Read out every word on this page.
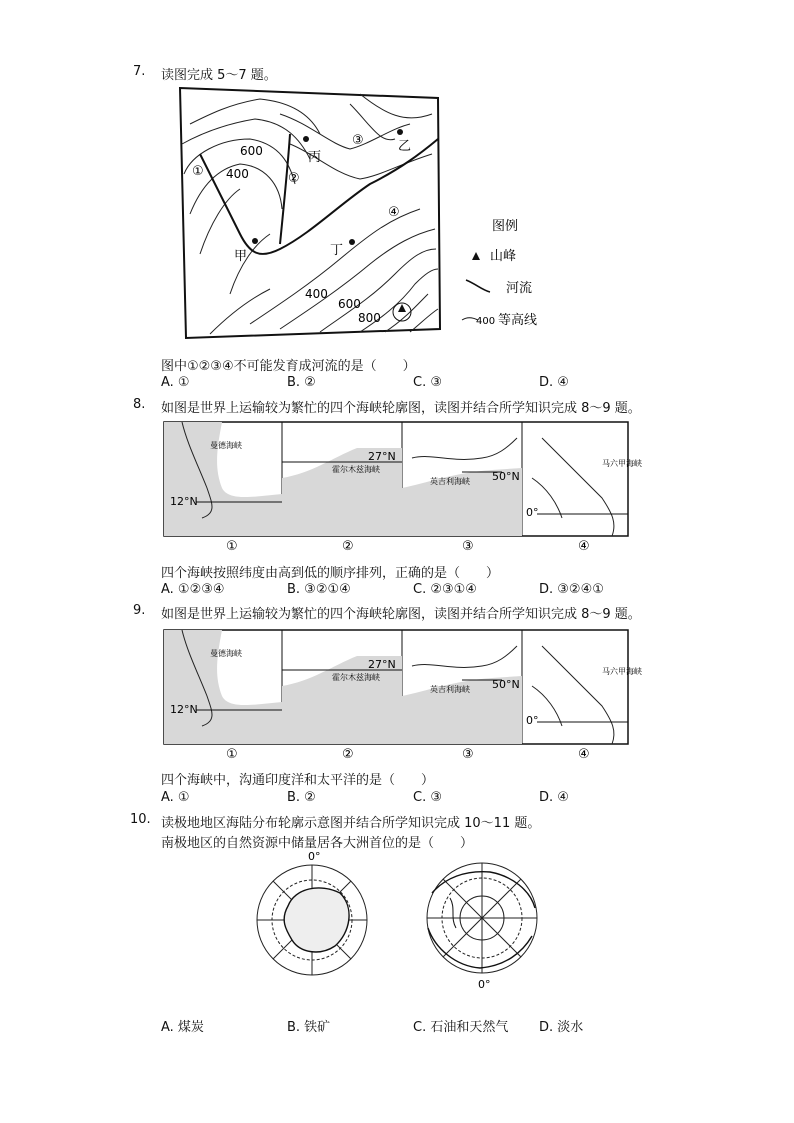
7. 读图完成 5～7 题。
600
400
400
600
800
①	②
③
④
丙
乙
丁
甲
图例
山峰
河流
400 等高线
图中①②③④不可能发育成河流的是（　　）
A. ①	B. ②	C. ③	D. ④
8. 如图是世界上运输较为繁忙的四个海峡轮廓图，读图并结合所学知识完成 8～9 题。
12°N
27°N
50°N
0°
①	②	③	④
曼德海峡
霍尔木兹海峡
英吉利海峡
马六甲海峡
四个海峡按照纬度由高到低的顺序排列，正确的是（　　）
A. ①②③④	B. ③②①④	C. ②③①④	D. ③②④①
9. 如图是世界上运输较为繁忙的四个海峡轮廓图，读图并结合所学知识完成 8～9 题。
12°N
27°N
50°N
0°
①	②	③	④
曼德海峡
霍尔木兹海峡
英吉利海峡
马六甲海峡
四个海峡中，沟通印度洋和太平洋的是（　　）
A. ①	B. ②	C. ③	D. ④
10. 读极地地区海陆分布轮廓示意图并结合所学知识完成 10～11 题。
南极地区的自然资源中储量居各大洲首位的是（　　）
0°
0°
A. 煤炭	B. 铁矿	C. 石油和天然气 D. 淡水
